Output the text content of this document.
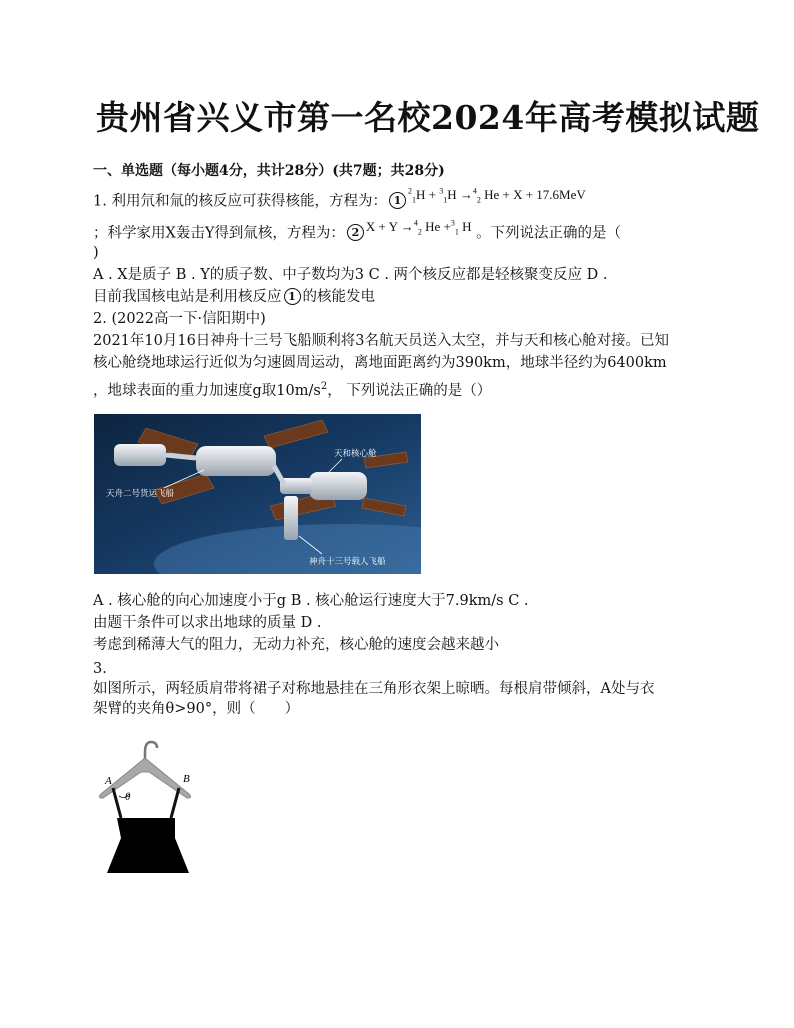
贵州省兴义市第一名校2024年高考模拟试题
一、单选题（每小题4分，共计28分）(共7题；共28分)
1. 利用氘和氚的核反应可获得核能，方程为： $1^2_1H + ^3_1H \to^4_2$ He + X + 17.6MeV
；科学家用X轰击Y得到氚核，方程为： 2 X + Y →$^4_2$ He +$^3_1$ H 。下列说法正确的是（
)
A . X是质子 B . Y的质子数、中子数均为3 C . 两个核反应都是轻核聚变反应 D .
目前我国核电站是利用核反应 1 的核能发电
2. (2022高一下·信阳期中)
2021年10月16日神舟十三号飞船顺利将3名航天员送入太空，并与天和核心舱对接。已知
核心舱绕地球运行近似为匀速圆周运动，离地面距离约为390km，地球半径约为6400km
，地球表面的重力加速度g取$10m/s^2$， 下列说法正确的是（）
天和核心舱
天舟二号货运飞船
神舟十三号载人飞船
A . 核心舱的向心加速度小于g B . 核心舱运行速度大于7.9km/s C .
由题干条件可以求出地球的质量 D .
考虑到稀薄大气的阻力，无动力补充，核心舱的速度会越来越小
3.
如图所示，两轻质肩带将裙子对称地悬挂在三角形衣架上晾晒。每根肩带倾斜，A处与衣
架臂的夹角θ>90°，则（　　）
A	B
θ
